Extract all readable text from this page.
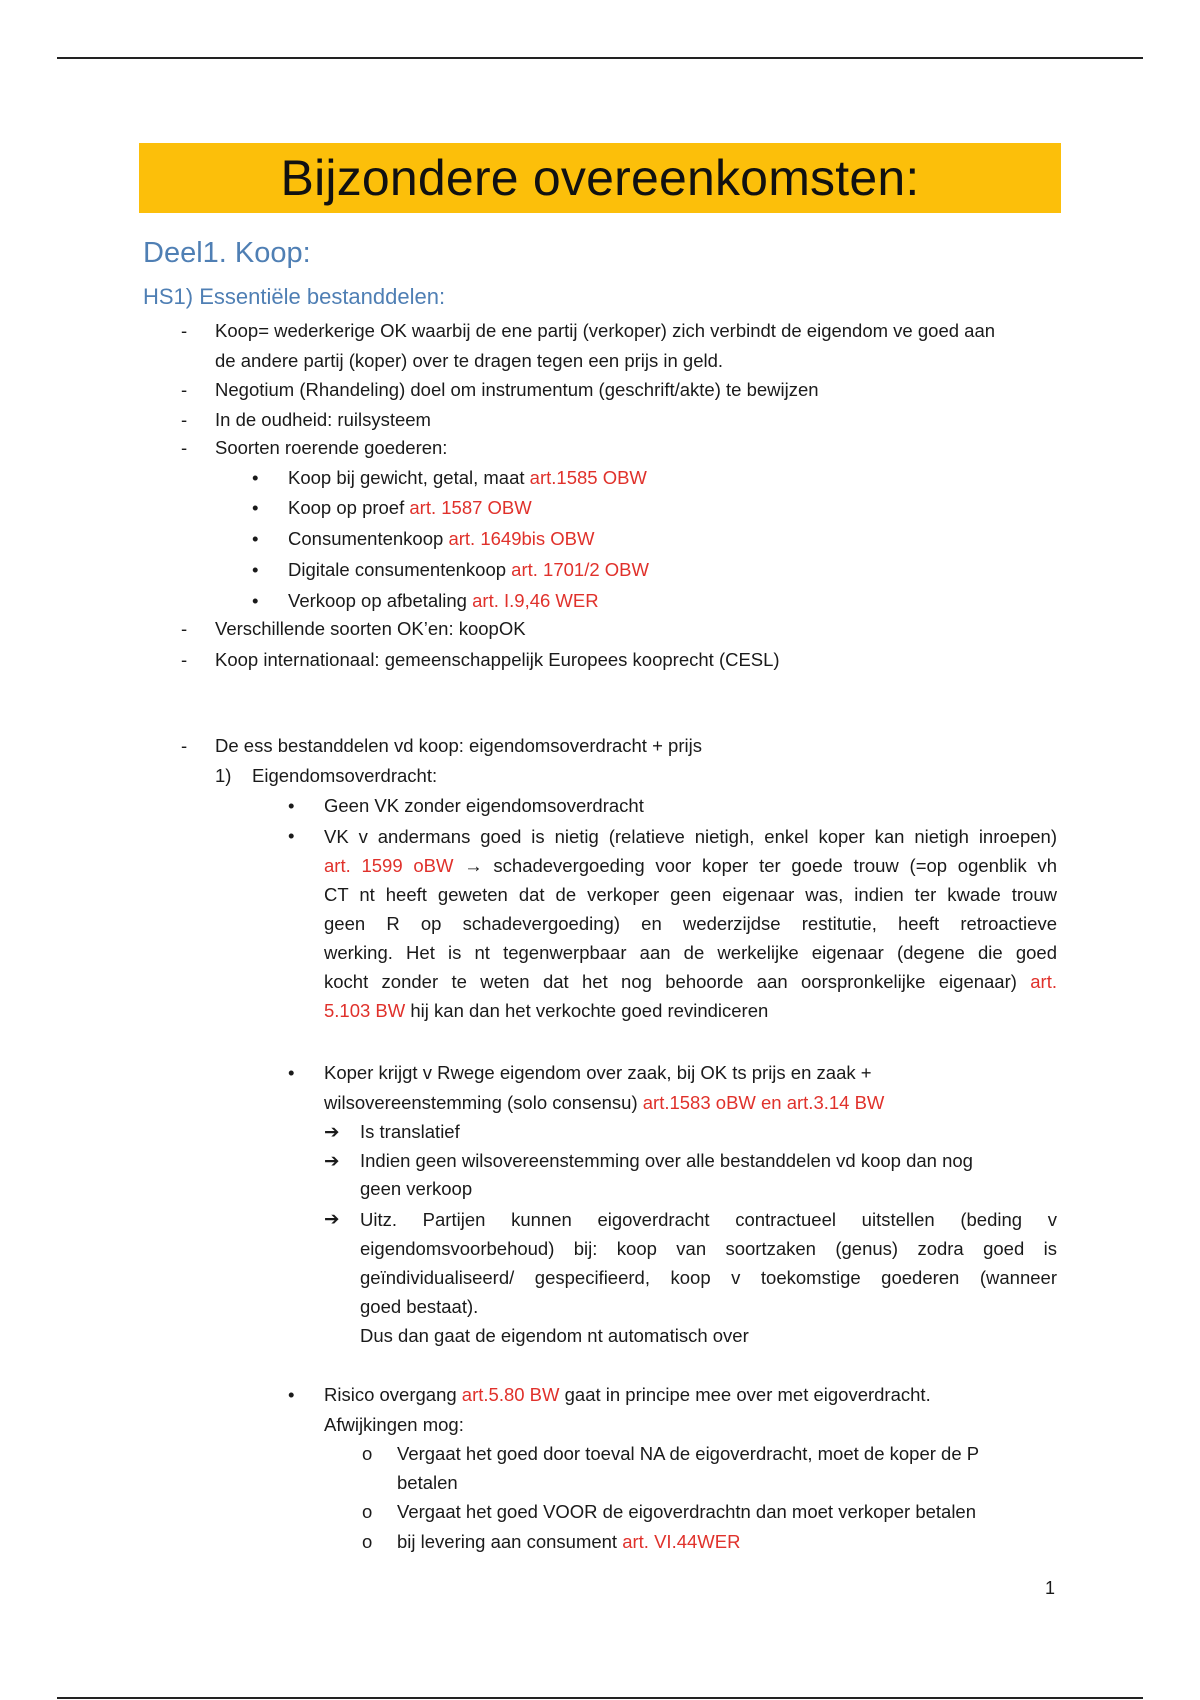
Bijzondere overeenkomsten:
Deel1. Koop:
HS1) Essentiële bestanddelen:
- Koop= wederkerige OK waarbij de ene partij (verkoper) zich verbindt de eigendom ve goed aan
de andere partij (koper) over te dragen tegen een prijs in geld.
- Negotium (Rhandeling) doel om instrumentum (geschrift/akte) te bewijzen
- In de oudheid: ruilsysteem
- Soorten roerende goederen:
• Koop bij gewicht, getal, maat art.1585 OBW
• Koop op proef art. 1587 OBW
• Consumentenkoop art. 1649bis OBW
• Digitale consumentenkoop art. 1701/2 OBW
• Verkoop op afbetaling art. I.9,46 WER
- Verschillende soorten OK’en: koopOK
- Koop internationaal: gemeenschappelijk Europees kooprecht (CESL)
- De ess bestanddelen vd koop: eigendomsoverdracht + prijs
1) Eigendomsoverdracht:
• Geen VK zonder eigendomsoverdracht
• VK v andermans goed is nietig (relatieve nietigh, enkel koper kan nietigh inroepen)
art. 1599 oBW → schadevergoeding voor koper ter goede trouw (=op ogenblik vh
CT nt heeft geweten dat de verkoper geen eigenaar was, indien ter kwade trouw
geen R op schadevergoeding) en wederzijdse restitutie, heeft retroactieve
werking. Het is nt tegenwerpbaar aan de werkelijke eigenaar (degene die goed
kocht zonder te weten dat het nog behoorde aan oorspronkelijke eigenaar) art.
5.103 BW hij kan dan het verkochte goed revindiceren
• Koper krijgt v Rwege eigendom over zaak, bij OK ts prijs en zaak +
wilsovereenstemming (solo consensu) art.1583 oBW en art.3.14 BW
➔ Is translatief
➔ Indien geen wilsovereenstemming over alle bestanddelen vd koop dan nog
geen verkoop
➔ Uitz. Partijen kunnen eigoverdracht contractueel uitstellen (beding v
eigendomsvoorbehoud) bij: koop van soortzaken (genus) zodra goed is
geïndividualiseerd/ gespecifieerd, koop v toekomstige goederen (wanneer
goed bestaat).
Dus dan gaat de eigendom nt automatisch over
• Risico overgang art.5.80 BW gaat in principe mee over met eigoverdracht.
Afwijkingen mog:
o Vergaat het goed door toeval NA de eigoverdracht, moet de koper de P
betalen
o Vergaat het goed VOOR de eigoverdrachtn dan moet verkoper betalen
o bij levering aan consument art. VI.44WER
1
